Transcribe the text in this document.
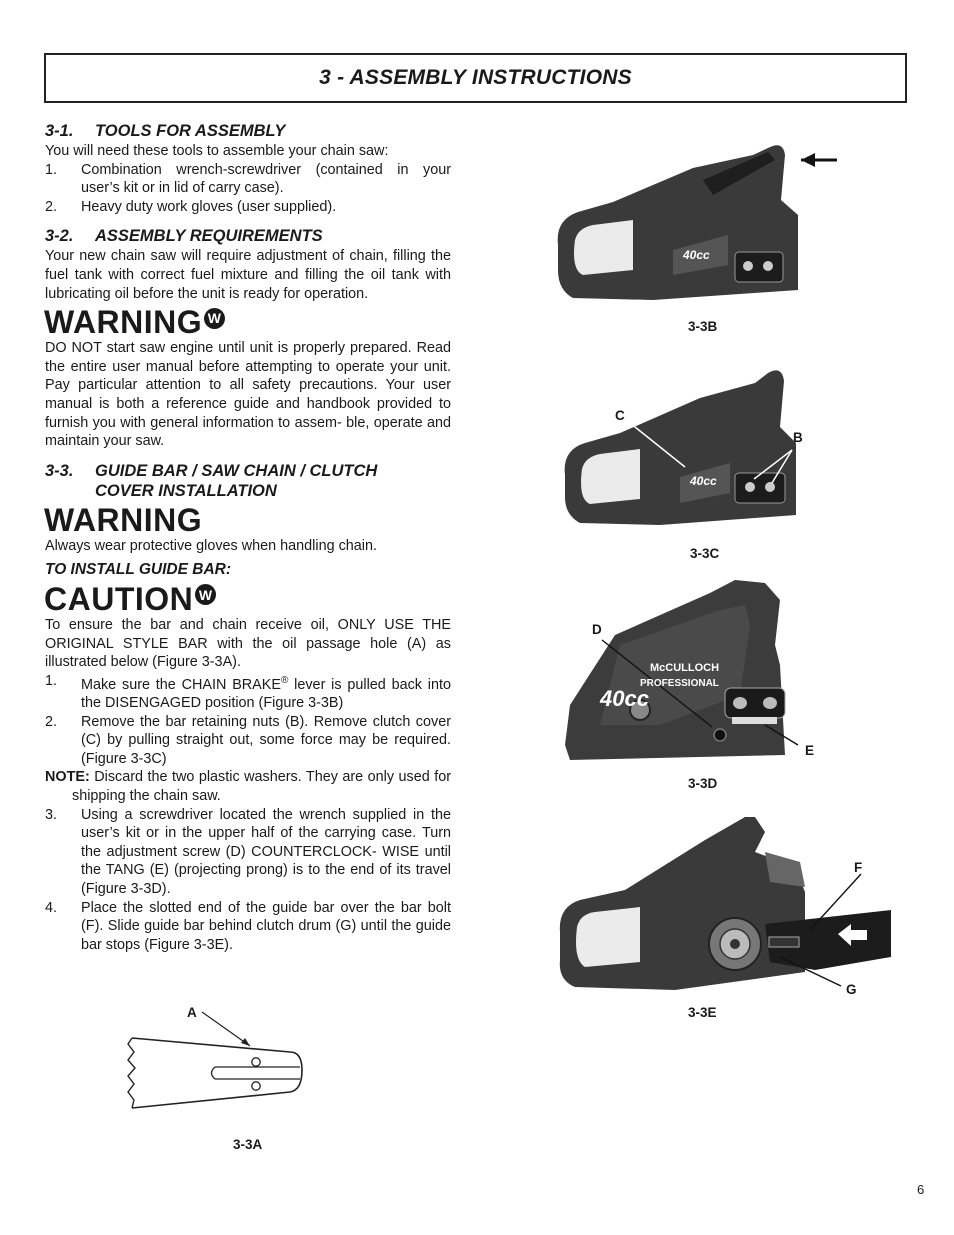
3 - ASSEMBLY INSTRUCTIONS
3-1. TOOLS FOR ASSEMBLY

You will need these tools to assemble your chain saw:

1.	Combination wrench-screwdriver (contained in your user’s kit or in lid of carry case).
2.	Heavy duty work gloves (user supplied).
3-2. ASSEMBLY REQUIREMENTS

Your new chain saw will require adjustment of chain, filling the fuel tank with correct fuel mixture and filling the oil tank with lubricating oil before the unit is ready for operation.

WARNING W

DO NOT start saw engine until unit is properly prepared. Read the entire user manual before attempting to operate your unit. Pay particular attention to all safety precautions. Your user manual is both a reference guide and handbook provided to furnish you with general information to assem- ble, operate and maintain your saw.

3-3. GUIDE BAR / SAW CHAIN / CLUTCH
COVER INSTALLATION
WARNING

Always wear protective gloves when handling chain.

TO INSTALL GUIDE BAR:
CAUTION W

To ensure the bar and chain receive oil, ONLY USE THE ORIGINAL STYLE BAR with the oil passage hole (A) as illustrated below (Figure 3-3A).

1.	Make sure the CHAIN BRAKE® lever is pulled back into the DISENGAGED position (Figure 3-3B)
2.	Remove the bar retaining nuts (B). Remove clutch cover (C) by pulling straight out, some force may be required. (Figure 3-3C)

NOTE: Discard the two plastic washers. They are only used for shipping the chain saw.

3.	Using a screwdriver located the wrench supplied in the user’s kit or in the upper half of the carrying case. Turn the adjustment screw (D) COUNTERCLOCK- WISE until the TANG (E) (projecting prong) is to the end of its travel (Figure 3-3D).
4.	Place the slotted end of the guide bar over the bar bolt (F). Slide guide bar behind clutch drum (G) until the guide bar stops (Figure 3-3E).
A
3-3A
40cc
3-3B
C
B
40cc
3-3C
McCULLOCH
PROFESSIONAL
40cc
D
E
3-3D
F
G
3-3E
6
